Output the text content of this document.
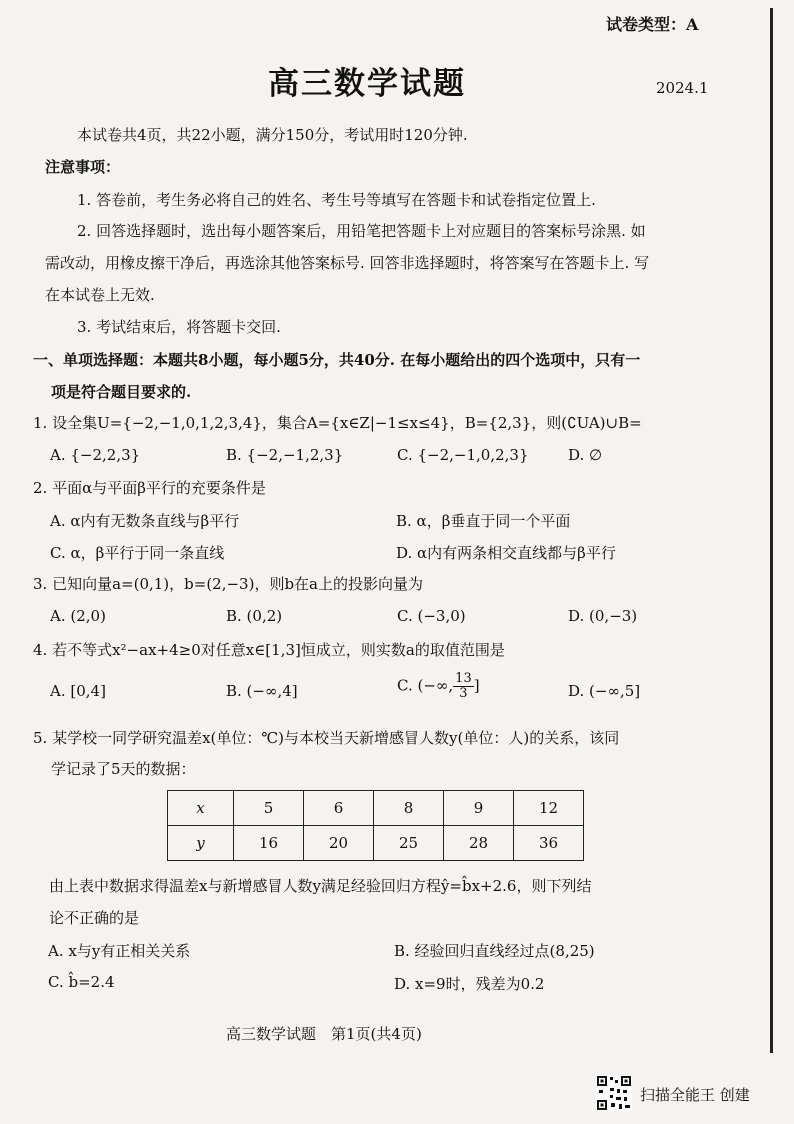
试卷类型：A
高三数学试题	2024.1
本试卷共4页，共22小题，满分150分，考试用时120分钟.
注意事项：
1. 答卷前，考生务必将自己的姓名、考生号等填写在答题卡和试卷指定位置上.
2. 回答选择题时，选出每小题答案后，用铅笔把答题卡上对应题目的答案标号涂黑. 如
需改动，用橡皮擦干净后，再选涂其他答案标号. 回答非选择题时，将答案写在答题卡上. 写
在本试卷上无效.
3. 考试结束后，将答题卡交回.
一、单项选择题：本题共8小题，每小题5分，共40分. 在每小题给出的四个选项中，只有一
项是符合题目要求的.
1. 设全集U={−2,−1,0,1,2,3,4}，集合A={x∈Z|−1≤x≤4}，B={2,3}，则(∁UA)∪B=
A. {−2,2,3}	B. {−2,−1,2,3}	C. {−2,−1,0,2,3}	D. ∅
2. 平面α与平面β平行的充要条件是
A. α内有无数条直线与β平行	B. α，β垂直于同一个平面
C. α，β平行于同一条直线	D. α内有两条相交直线都与β平行
3. 已知向量a=(0,1)，b=(2,−3)，则b在a上的投影向量为
A. (2,0)	B. (0,2)	C. (−3,0)	D. (0,−3)
4. 若不等式x²−ax+4≥0对任意x∈[1,3]恒成立，则实数a的取值范围是
A. [0,4]	B. (−∞,4]	C. (−∞, $\frac{13}{3}$ ]	D. (−∞,5]
5. 某学校一同学研究温差x(单位：℃)与本校当天新增感冒人数y(单位：人)的关系，该同
学记录了5天的数据：
x	5	6	8	9	12
y	16	20	25	28	36
由上表中数据求得温差x与新增感冒人数y满足经验回归方程ŷ=b̂x+2.6，则下列结
论不正确的是
A. x与y有正相关关系	B. 经验回归直线经过点(8,25)
C. b̂=2.4	D. x=9时，残差为0.2
高三数学试题　第1页(共4页)
扫描全能王 创建
